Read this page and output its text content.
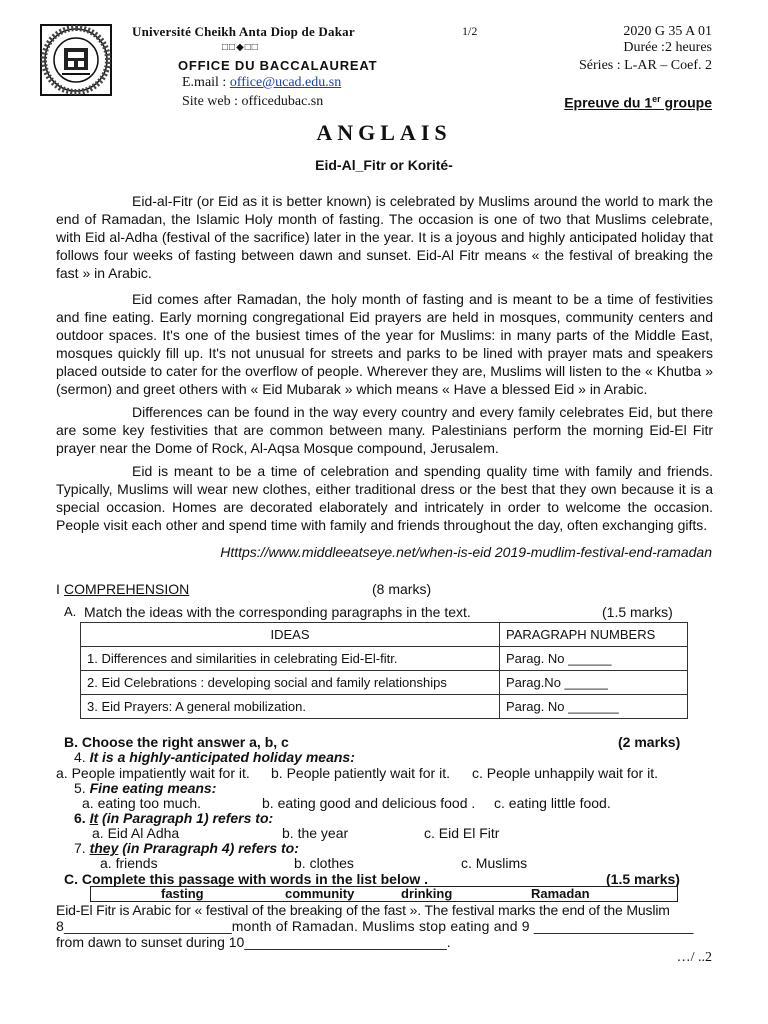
Université Cheikh Anta Diop de Dakar
□□◆□□
OFFICE DU BACCALAUREAT
E.mail : office@ucad.edu.sn
Site web : officedubac.sn
1/2	2020 G 35 A 01
Durée :2 heures
Séries : L-AR – Coef. 2
Epreuve du 1er groupe
ANGLAIS
Eid-Al_Fitr or Korité-

Eid-al-Fitr (or Eid as it is better known) is celebrated by Muslims around the world to mark the end of Ramadan, the Islamic Holy month of fasting. The occasion is one of two that Muslims celebrate, with Eid al-Adha (festival of the sacrifice) later in the year. It is a joyous and highly anticipated holiday that follows four weeks of fasting between dawn and sunset. Eid-Al Fitr means « the festival of breaking the fast » in Arabic.

Eid comes after Ramadan, the holy month of fasting and is meant to be a time of festivities and fine eating. Early morning congregational Eid prayers are held in mosques, community centers and outdoor spaces. It's one of the busiest times of the year for Muslims: in many parts of the Middle East, mosques quickly fill up. It's not unusual for streets and parks to be lined with prayer mats and speakers placed outside to cater for the overflow of people. Wherever they are, Muslims will listen to the « Khutba » (sermon) and greet others with « Eid Mubarak » which means « Have a blessed Eid » in Arabic.

Differences can be found in the way every country and every family celebrates Eid, but there are some key festivities that are common between many. Palestinians perform the morning Eid-El Fitr prayer near the Dome of Rock, Al-Aqsa Mosque compound, Jerusalem.

Eid is meant to be a time of celebration and spending quality time with family and friends. Typically, Muslims will wear new clothes, either traditional dress or the best that they own because it is a special occasion. Homes are decorated elaborately and intricately in order to welcome the occasion. People visit each other and spend time with family and friends throughout the day, often exchanging gifts.

Htttps://www.middleeatseye.net/when-is-eid 2019-mudlim-festival-end-ramadan
I COMPREHENSION	(8 marks)
A. Match the ideas with the corresponding paragraphs in the text.	(1.5 marks)
IDEAS	PARAGRAPH NUMBERS
1. Differences and similarities in celebrating Eid-El-fitr.	Parag. No ______
2. Eid Celebrations : developing social and family relationships	Parag.No ______
3. Eid Prayers: A general mobilization.	Parag. No _______
B. Choose the right answer a, b, c	(2 marks)
4. It is a highly-anticipated holiday means:
a. People impatiently wait for it. b. People patiently wait for it. c. People unhappily wait for it.
5. Fine eating means:
a. eating too much.	b. eating good and delicious food . c. eating little food.
6. It (in Paragraph 1) refers to:
a. Eid Al Adha	b. the year	c. Eid El Fitr
7. they (in Praragraph 4) refers to:
a. friends	b. clothes	c. Muslims
C. Complete this passage with words in the list below .	(1.5 marks)
fasting	community	drinking	Ramadan
Eid-El Fitr is Arabic for « festival of the breaking of the fast ». The festival marks the end of the Muslim
8_____________________month of Ramadan. Muslims stop eating and 9 ____________________
from dawn to sunset during 10__________________________.
…/ ..2
